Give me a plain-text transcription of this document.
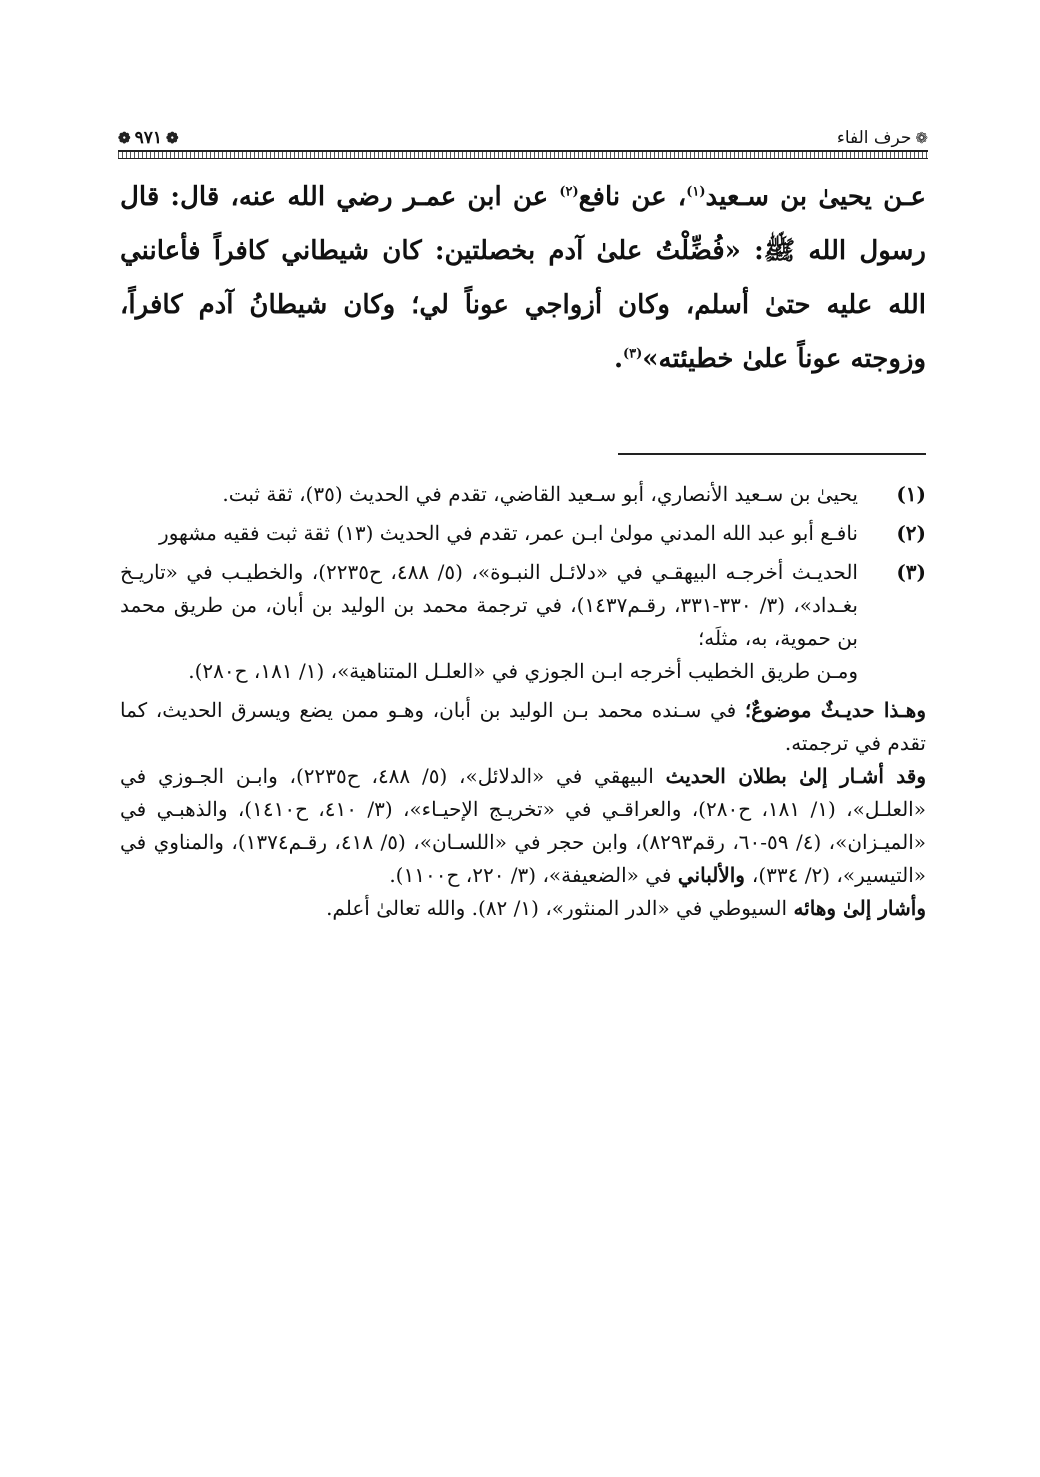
❁
٩٧١
❁	❁
حرف الفاء

عـن يحيىٰ بن سـعيد$^{(١)}$، عن نافع$^{(٢)}$ عن ابن عمـر رضي الله عنه، قال: قال رسول الله ﷺ: «فُضِّلْتُ علىٰ آدم بخصلتين: كان شيطاني كافراً فأعانني الله عليه حتىٰ أسلم، وكان أزواجي عوناً لي؛ وكان شيطانُ آدم كافراً، وزوجته عوناً علىٰ خطيئته»$^{(٣)}$.

(١)

يحيىٰ بن سـعيد الأنصاري، أبو سـعيد القاضي، تقدم في الحديث (٣٥)، ثقة ثبت.

(٢)

نافـع أبو عبد الله المدني مولىٰ ابـن عمر، تقدم في الحديث (١٣) ثقة ثبت فقيه مشهور

(٣)

الحديـث أخرجـه البيهقـي في «دلائـل النبـوة»، (٥/ ٤٨٨، ح٢٢٣٥)، والخطيـب في «تاريـخ بغـداد»، (٣/ ٣٣٠-٣٣١، رقـم١٤٣٧)، في ترجمة محمد بن الوليد بن أبان، من طريق محمد بن حموية، به، مثلَه؛

ومـن طريق الخطيب أخرجه ابـن الجوزي في «العلـل المتناهية»، (١/ ١٨١، ح٢٨٠).

وهـذا حديـثٌ موضوعٌ؛ في سـنده محمد بـن الوليد بن أبان، وهـو ممن يضع ويسرق الحديث، كما تقدم في ترجمته.

وقد أشـار إلىٰ بطلان الحديث البيهقي في «الدلائل»، (٥/ ٤٨٨، ح٢٢٣٥)، وابـن الجـوزي في «العلـل»، (١/ ١٨١، ح٢٨٠)، والعراقـي في «تخريـج الإحيـاء»، (٣/ ٤١٠، ح١٤١٠)، والذهبـي في «الميـزان»، (٤/ ٥٩-٦٠، رقم٨٢٩٣)، وابن حجر في «اللسـان»، (٥/ ٤١٨، رقـم١٣٧٤)، والمناوي في «التيسير»، (٢/ ٣٣٤)، والألباني في «الضعيفة»، (٣/ ٢٢٠، ح١١٠٠).

وأشار إلىٰ وهائه السيوطي في «الدر المنثور»، (١/ ٨٢). والله تعالىٰ أعلم.
